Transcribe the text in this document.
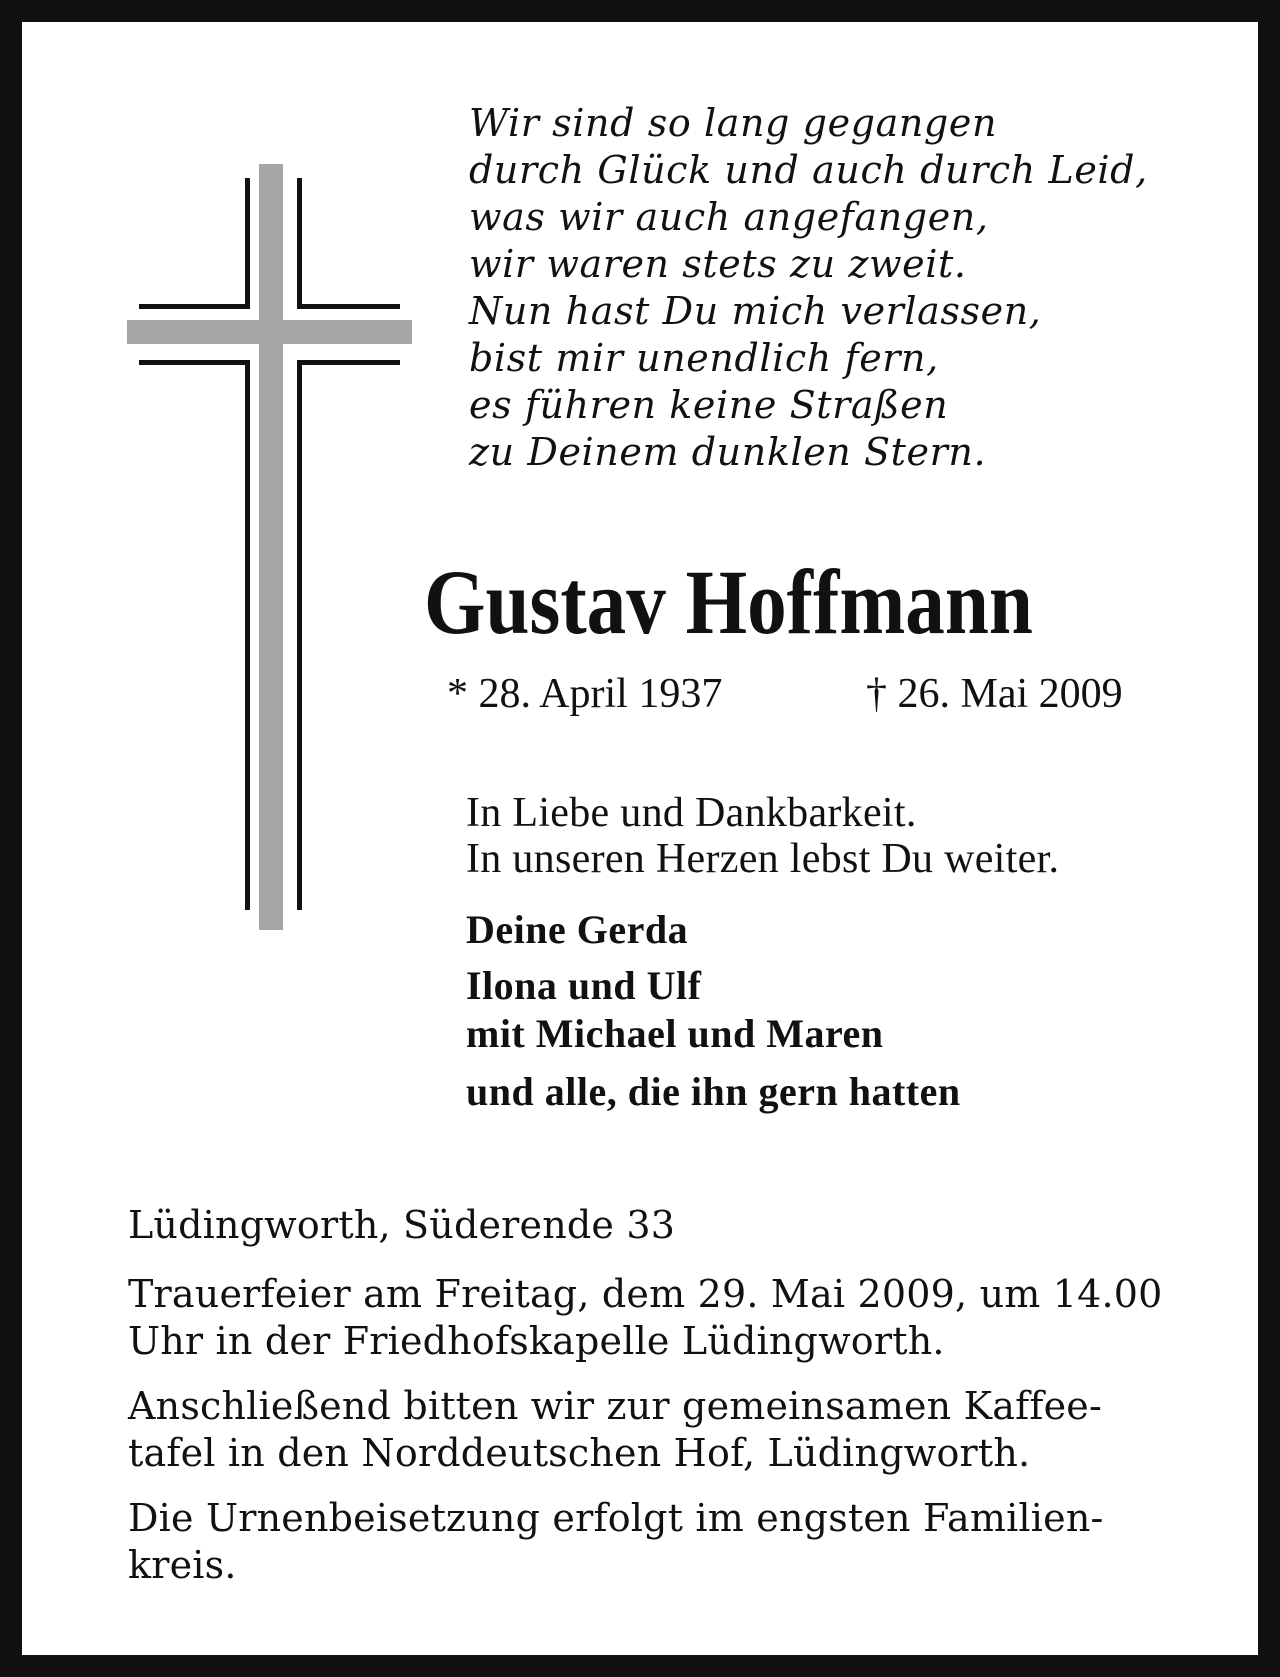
Wir sind so lang gegangen
durch Glück und auch durch Leid,
was wir auch angefangen,
wir waren stets zu zweit.
Nun hast Du mich verlassen,
bist mir unendlich fern,
es führen keine Straßen
zu Deinem dunklen Stern.
Gustav Hoffmann
* 28. April 1937	† 26. Mai 2009
In Liebe und Dankbarkeit.
In unseren Herzen lebst Du weiter.
Deine Gerda
Ilona und Ulf
mit Michael und Maren
und alle, die ihn gern hatten

Lüdingworth, Süderende 33

Trauerfeier am Freitag, dem 29. Mai 2009, um 14.00

Uhr in der Friedhofskapelle Lüdingworth.

Anschließend bitten wir zur gemeinsamen Kaffee-

tafel in den Norddeutschen Hof, Lüdingworth.

Die Urnenbeisetzung erfolgt im engsten Familien-

kreis.
